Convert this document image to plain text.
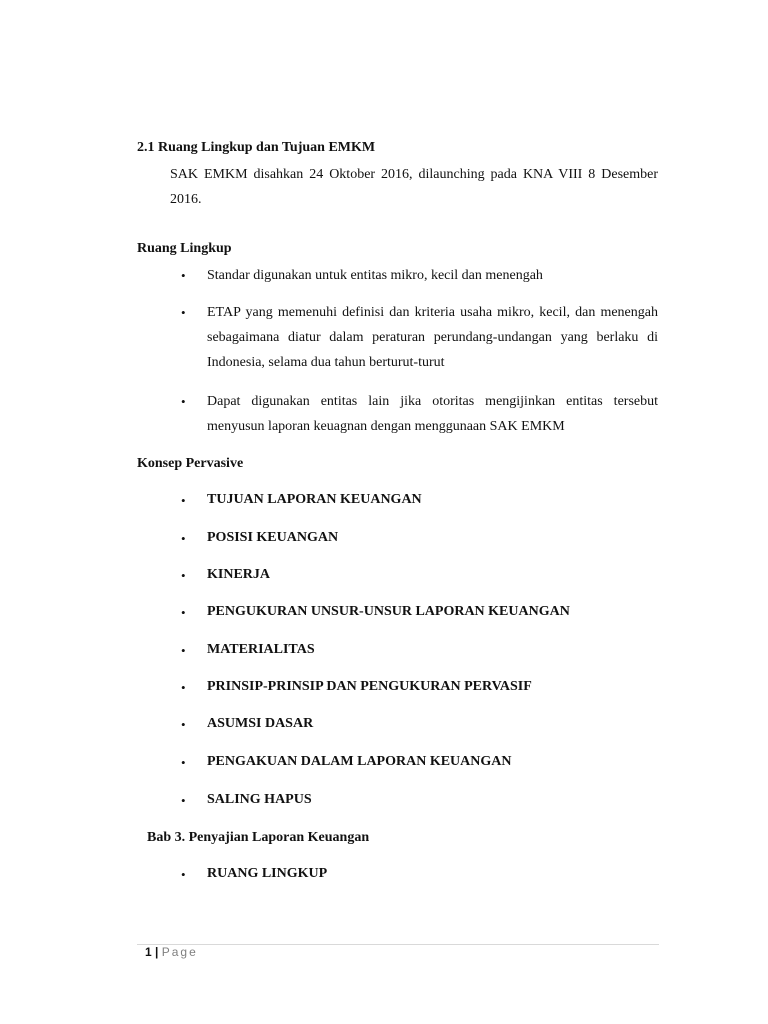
2.1 Ruang Lingkup dan Tujuan EMKM
SAK EMKM disahkan 24 Oktober 2016, dilaunching pada KNA VIII 8 Desember 2016.
Ruang Lingkup
• Standar digunakan untuk entitas mikro, kecil dan menengah
• ETAP yang memenuhi definisi dan kriteria usaha mikro, kecil, dan menengah sebagaimana diatur dalam peraturan perundang-undangan yang berlaku di Indonesia, selama dua tahun berturut-turut
• Dapat digunakan entitas lain jika otoritas mengijinkan entitas tersebut menyusun laporan keuagnan dengan menggunaan SAK EMKM
Konsep Pervasive
• TUJUAN LAPORAN KEUANGAN
• POSISI KEUANGAN
• KINERJA
• PENGUKURAN UNSUR-UNSUR LAPORAN KEUANGAN
• MATERIALITAS
• PRINSIP-PRINSIP DAN PENGUKURAN PERVASIF
• ASUMSI DASAR
• PENGAKUAN DALAM LAPORAN KEUANGAN
• SALING HAPUS
Bab 3. Penyajian Laporan Keuangan
• RUANG LINGKUP
1 | Page
